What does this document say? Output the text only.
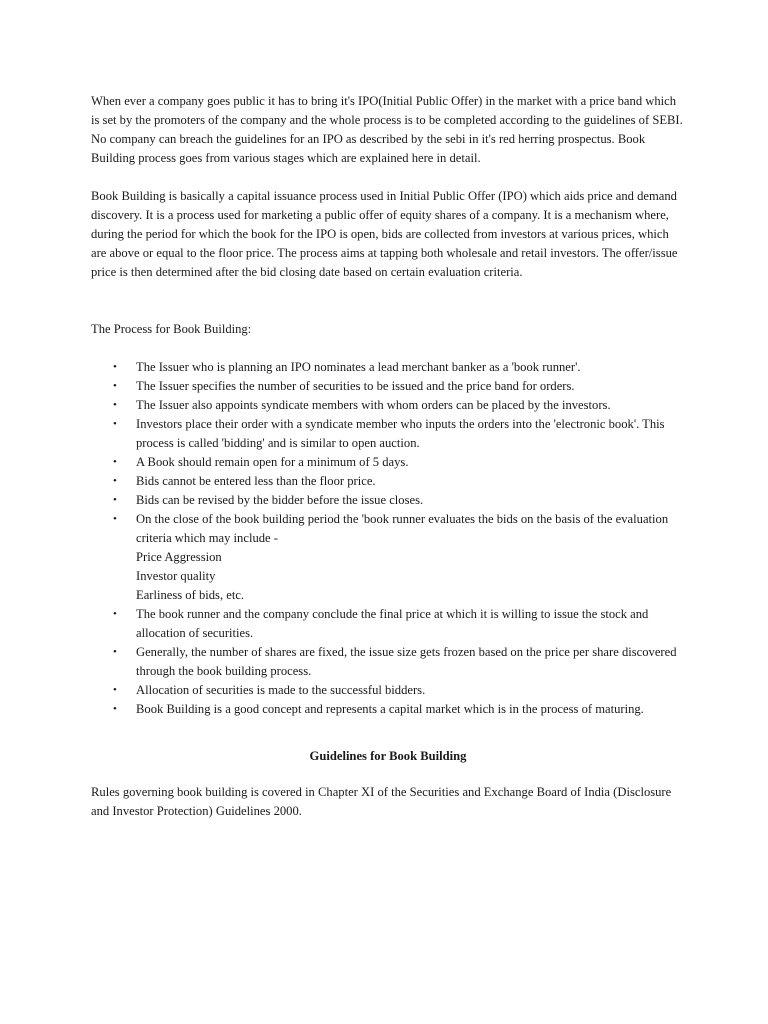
When ever a company goes public it has to bring it's IPO(Initial Public Offer) in the market with a price band which is set by the promoters of the company and the whole process is to be completed according to the guidelines of SEBI. No company can breach the guidelines for an IPO as described by the sebi in it's red herring prospectus. Book Building process goes from various stages which are explained here in detail.

Book Building is basically a capital issuance process used in Initial Public Offer (IPO) which aids price and demand discovery. It is a process used for marketing a public offer of equity shares of a company. It is a mechanism where, during the period for which the book for the IPO is open, bids are collected from investors at various prices, which are above or equal to the floor price. The process aims at tapping both wholesale and retail investors. The offer/issue price is then determined after the bid closing date based on certain evaluation criteria.

The Process for Book Building:

• The Issuer who is planning an IPO nominates a lead merchant banker as a 'book runner'.
• The Issuer specifies the number of securities to be issued and the price band for orders.
• The Issuer also appoints syndicate members with whom orders can be placed by the investors.
• Investors place their order with a syndicate member who inputs the orders into the 'electronic book'. This process is called 'bidding' and is similar to open auction.
• A Book should remain open for a minimum of 5 days.
• Bids cannot be entered less than the floor price.
• Bids can be revised by the bidder before the issue closes.
• On the close of the book building period the 'book runner evaluates the bids on the basis of the evaluation criteria which may include -
Price Aggression
Investor quality
Earliness of bids, etc.
• The book runner and the company conclude the final price at which it is willing to issue the stock and allocation of securities.
• Generally, the number of shares are fixed, the issue size gets frozen based on the price per share discovered through the book building process.
• Allocation of securities is made to the successful bidders.
• Book Building is a good concept and represents a capital market which is in the process of maturing.

Guidelines for Book Building

Rules governing book building is covered in Chapter XI of the Securities and Exchange Board of India (Disclosure and Investor Protection) Guidelines 2000.
